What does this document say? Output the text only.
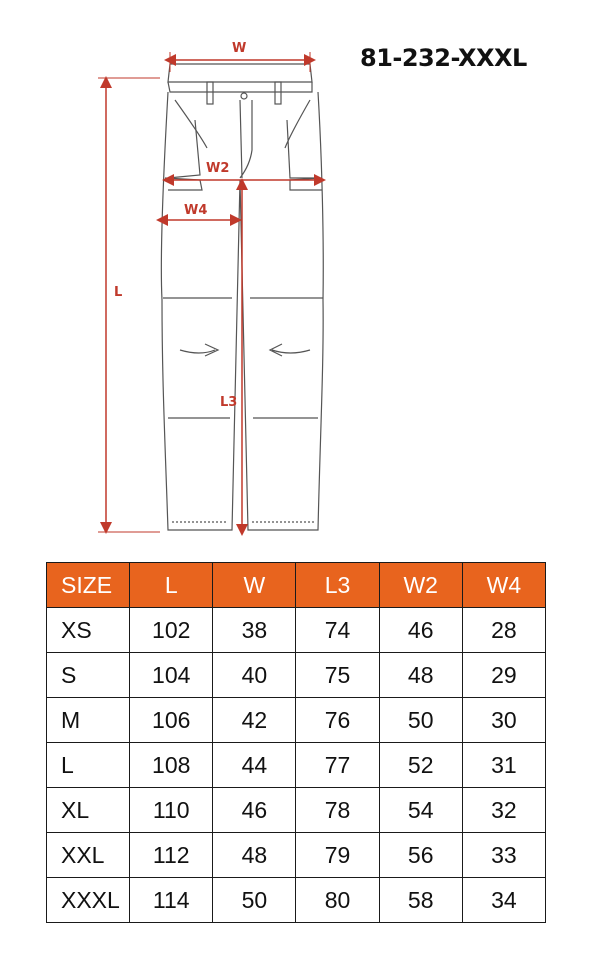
81-232-XXXL
W
W2
W4
L
L3
SIZE	L	W	L3	W2	W4
XS	102	38	74	46	28
S	104	40	75	48	29
M	106	42	76	50	30
L	108	44	77	52	31
XL	110	46	78	54	32
XXL	112	48	79	56	33
XXXL	114	50	80	58	34
